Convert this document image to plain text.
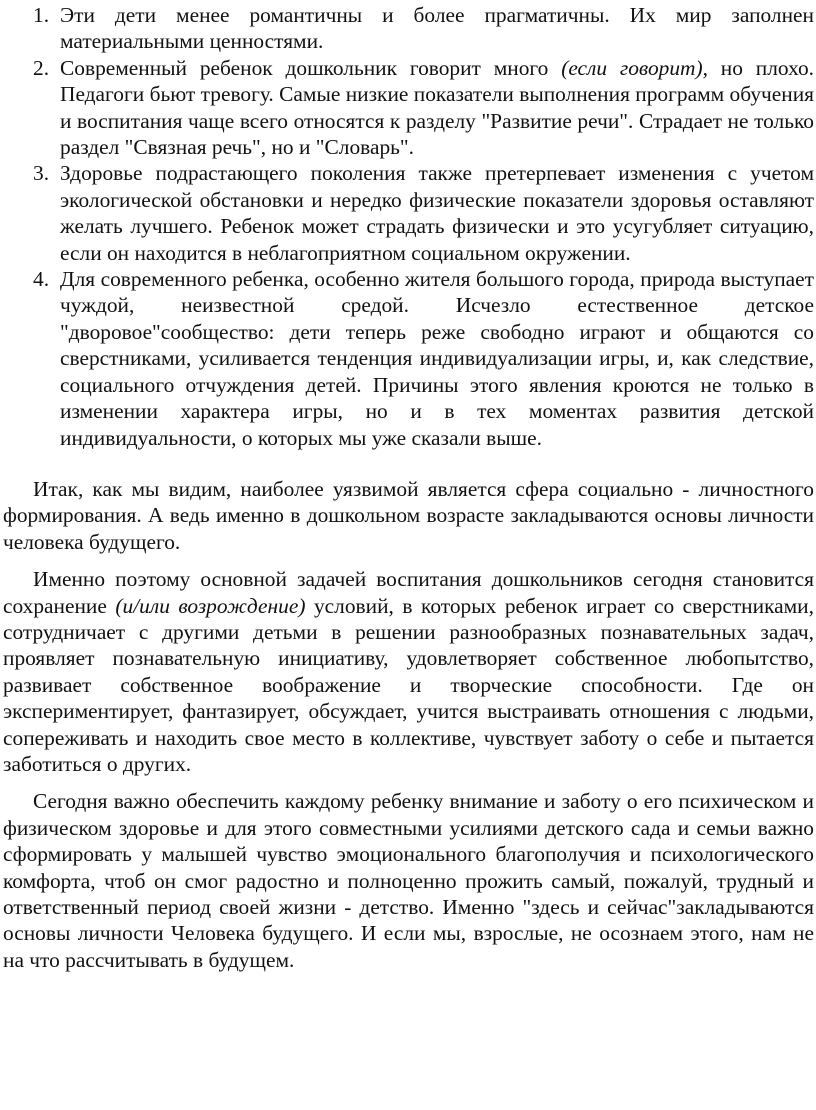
1. Эти дети менее романтичны и более прагматичны. Их мир заполнен материальными ценностями.
2. Современный ребенок дошкольник говорит много (если говорит), но плохо. Педагоги бьют тревогу. Самые низкие показатели выполнения программ обучения и воспитания чаще всего относятся к разделу "Развитие речи". Страдает не только раздел "Связная речь", но и "Словарь".
3. Здоровье подрастающего поколения также претерпевает изменения с учетом экологической обстановки и нередко физические показатели здоровья оставляют желать лучшего. Ребенок может страдать физически и это усугубляет ситуацию, если он находится в неблагоприятном социальном окружении.
4. Для современного ребенка, особенно жителя большого города, природа выступает чуждой, неизвестной средой. Исчезло естественное детское "дворовое"сообщество: дети теперь реже свободно играют и общаются со сверстниками, усиливается тенденция индивидуализации игры, и, как следствие, социального отчуждения детей. Причины этого явления кроются не только в изменении характера игры, но и в тех моментах развития детской индивидуальности, о которых мы уже сказали выше.

Итак, как мы видим, наиболее уязвимой является сфера социально - личностного формирования. А ведь именно в дошкольном возрасте закладываются основы личности человека будущего.

Именно поэтому основной задачей воспитания дошкольников сегодня становится сохранение (и/или возрождение) условий, в которых ребенок играет со сверстниками, сотрудничает с другими детьми в решении разнообразных познавательных задач, проявляет познавательную инициативу, удовлетворяет собственное любопытство, развивает собственное воображение и творческие способности. Где он экспериментирует, фантазирует, обсуждает, учится выстраивать отношения с людьми, сопереживать и находить свое место в коллективе, чувствует заботу о себе и пытается заботиться о других.

Сегодня важно обеспечить каждому ребенку внимание и заботу о его психическом и физическом здоровье и для этого совместными усилиями детского сада и семьи важно сформировать у малышей чувство эмоционального благополучия и психологического комфорта, чтоб он смог радостно и полноценно прожить самый, пожалуй, трудный и ответственный период своей жизни - детство. Именно "здесь и сейчас"закладываются основы личности Человека будущего. И если мы, взрослые, не осознаем этого, нам не на что рассчитывать в будущем.
